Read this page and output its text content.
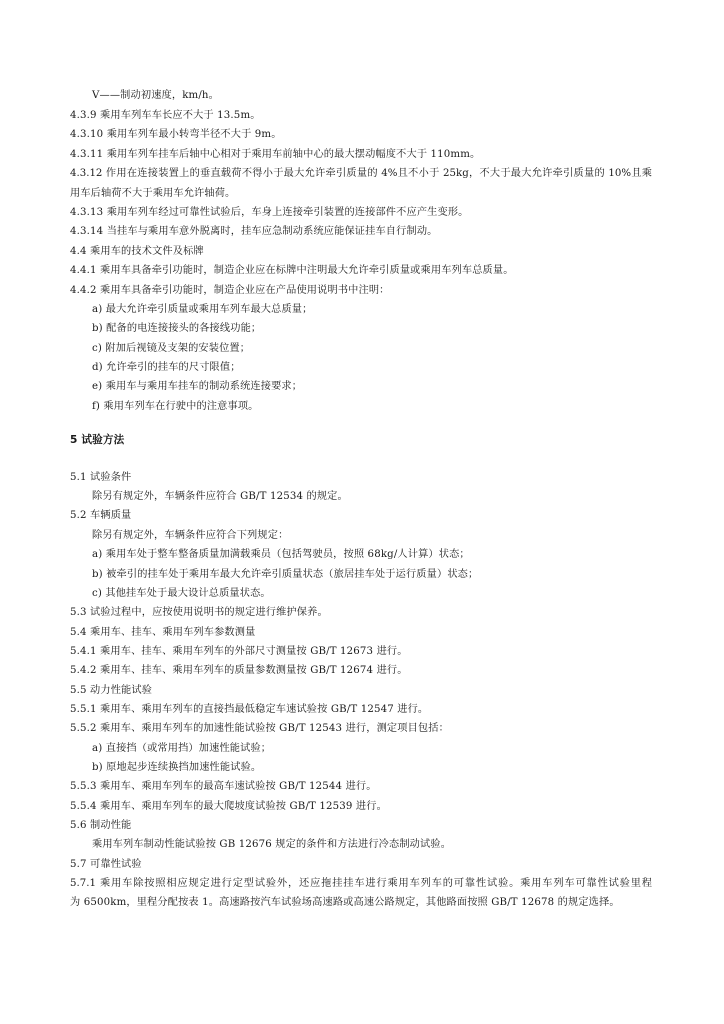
V——制动初速度，km/h。
4.3.9 乘用车列车车长应不大于 13.5m。
4.3.10 乘用车列车最小转弯半径不大于 9m。
4.3.11 乘用车列车挂车后轴中心相对于乘用车前轴中心的最大摆动幅度不大于 110mm。
4.3.12 作用在连接装置上的垂直载荷不得小于最大允许牵引质量的 4%且不小于 25kg，不大于最大允许牵引质量的 10%且乘
用车后轴荷不大于乘用车允许轴荷。
4.3.13 乘用车列车经过可靠性试验后，车身上连接牵引装置的连接部件不应产生变形。
4.3.14 当挂车与乘用车意外脱离时，挂车应急制动系统应能保证挂车自行制动。
4.4 乘用车的技术文件及标牌
4.4.1 乘用车具备牵引功能时，制造企业应在标牌中注明最大允许牵引质量或乘用车列车总质量。
4.4.2 乘用车具备牵引功能时，制造企业应在产品使用说明书中注明：
a) 最大允许牵引质量或乘用车列车最大总质量；
b) 配备的电连接接头的各接线功能；
c) 附加后视镜及支架的安装位置；
d) 允许牵引的挂车的尺寸限值；
e) 乘用车与乘用车挂车的制动系统连接要求；
f) 乘用车列车在行驶中的注意事项。
5 试验方法
5.1 试验条件
除另有规定外，车辆条件应符合 GB/T 12534 的规定。
5.2 车辆质量
除另有规定外，车辆条件应符合下列规定：
a) 乘用车处于整车整备质量加满载乘员（包括驾驶员，按照 68kg/人计算）状态；
b) 被牵引的挂车处于乘用车最大允许牵引质量状态（旅居挂车处于运行质量）状态；
c) 其他挂车处于最大设计总质量状态。
5.3 试验过程中，应按使用说明书的规定进行维护保养。
5.4 乘用车、挂车、乘用车列车参数测量
5.4.1 乘用车、挂车、乘用车列车的外部尺寸测量按 GB/T 12673 进行。
5.4.2 乘用车、挂车、乘用车列车的质量参数测量按 GB/T 12674 进行。
5.5 动力性能试验
5.5.1 乘用车、乘用车列车的直接挡最低稳定车速试验按 GB/T 12547 进行。
5.5.2 乘用车、乘用车列车的加速性能试验按 GB/T 12543 进行，测定项目包括：
a) 直接挡（或常用挡）加速性能试验；
b) 原地起步连续换挡加速性能试验。
5.5.3 乘用车、乘用车列车的最高车速试验按 GB/T 12544 进行。
5.5.4 乘用车、乘用车列车的最大爬坡度试验按 GB/T 12539 进行。
5.6 制动性能
乘用车列车制动性能试验按 GB 12676 规定的条件和方法进行冷态制动试验。
5.7 可靠性试验
5.7.1 乘用车除按照相应规定进行定型试验外，还应拖挂挂车进行乘用车列车的可靠性试验。乘用车列车可靠性试验里程
为 6500km，里程分配按表 1。高速路按汽车试验场高速路或高速公路规定，其他路面按照 GB/T 12678 的规定选择。
